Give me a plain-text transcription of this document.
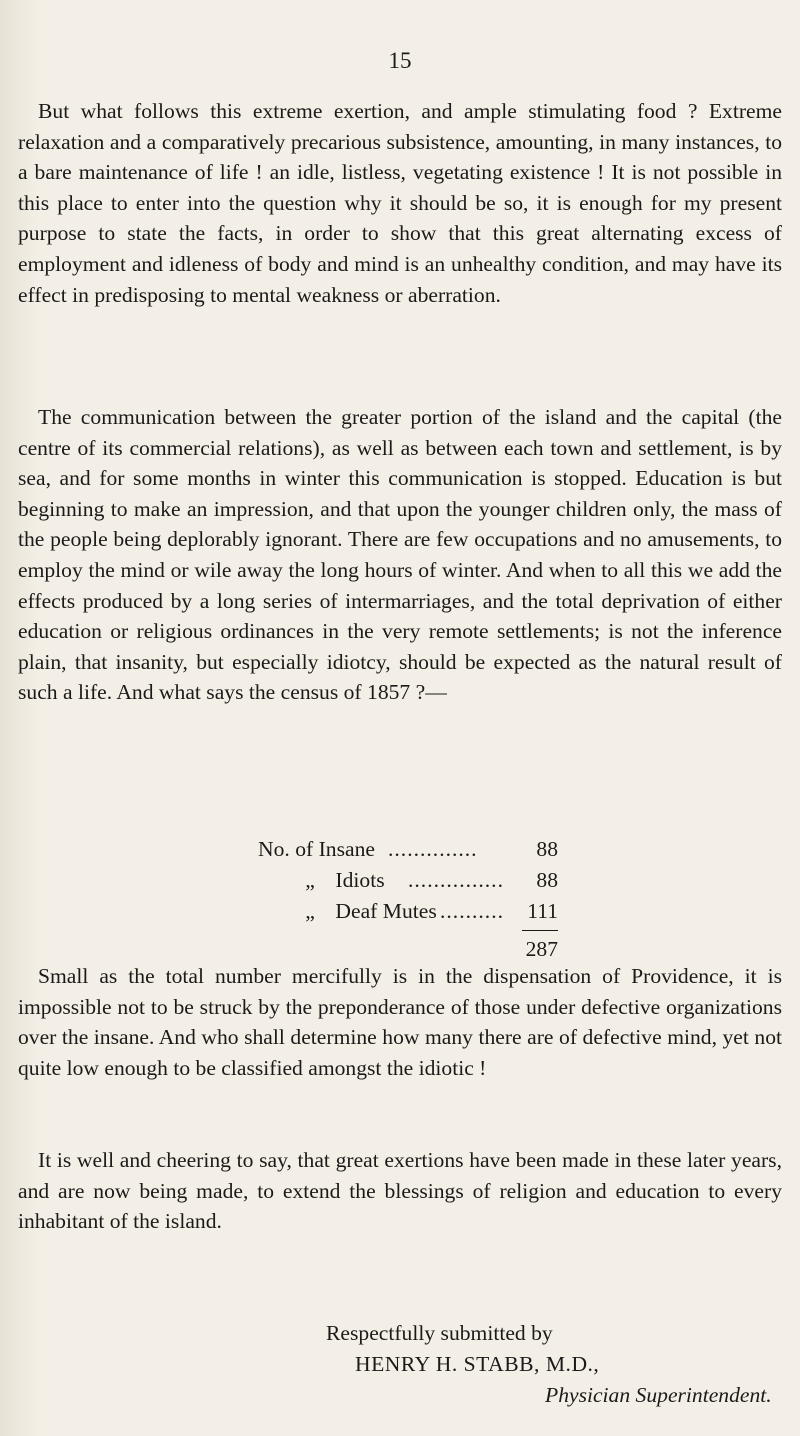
15

But what follows this extreme exertion, and ample stimulating food ? Extreme relaxation and a comparatively precarious subsistence, amounting, in many instances, to a bare maintenance of life ! an idle, listless, vegetating existence ! It is not possible in this place to enter into the question why it should be so, it is enough for my present purpose to state the facts, in order to show that this great alternating excess of employment and idleness of body and mind is an unhealthy condition, and may have its effect in predisposing to mental weakness or aberration.

The communication between the greater portion of the island and the capital (the centre of its commercial relations), as well as between each town and settlement, is by sea, and for some months in winter this communication is stopped. Education is but beginning to make an impression, and that upon the younger children only, the mass of the people being deplorably ignorant. There are few occupations and no amusements, to employ the mind or wile away the long hours of winter. And when to all this we add the effects produced by a long series of intermarriages, and the total deprivation of either education or religious ordinances in the very remote settlements; is not the inference plain, that insanity, but especially idiotcy, should be expected as the natural result of such a life. And what says the census of 1857 ?—

No. of Insane ..............	88
„ Idiots ...............	88
„ Deaf Mutes ..........	111
287

Small as the total number mercifully is in the dispensation of Providence, it is impossible not to be struck by the preponderance of those under defective organizations over the insane. And who shall determine how many there are of defective mind, yet not quite low enough to be classified amongst the idiotic !

It is well and cheering to say, that great exertions have been made in these later years, and are now being made, to extend the blessings of religion and education to every inhabitant of the island.

Respectfully submitted by
HENRY H. STABB, M.D.,
Physician Superintendent.
